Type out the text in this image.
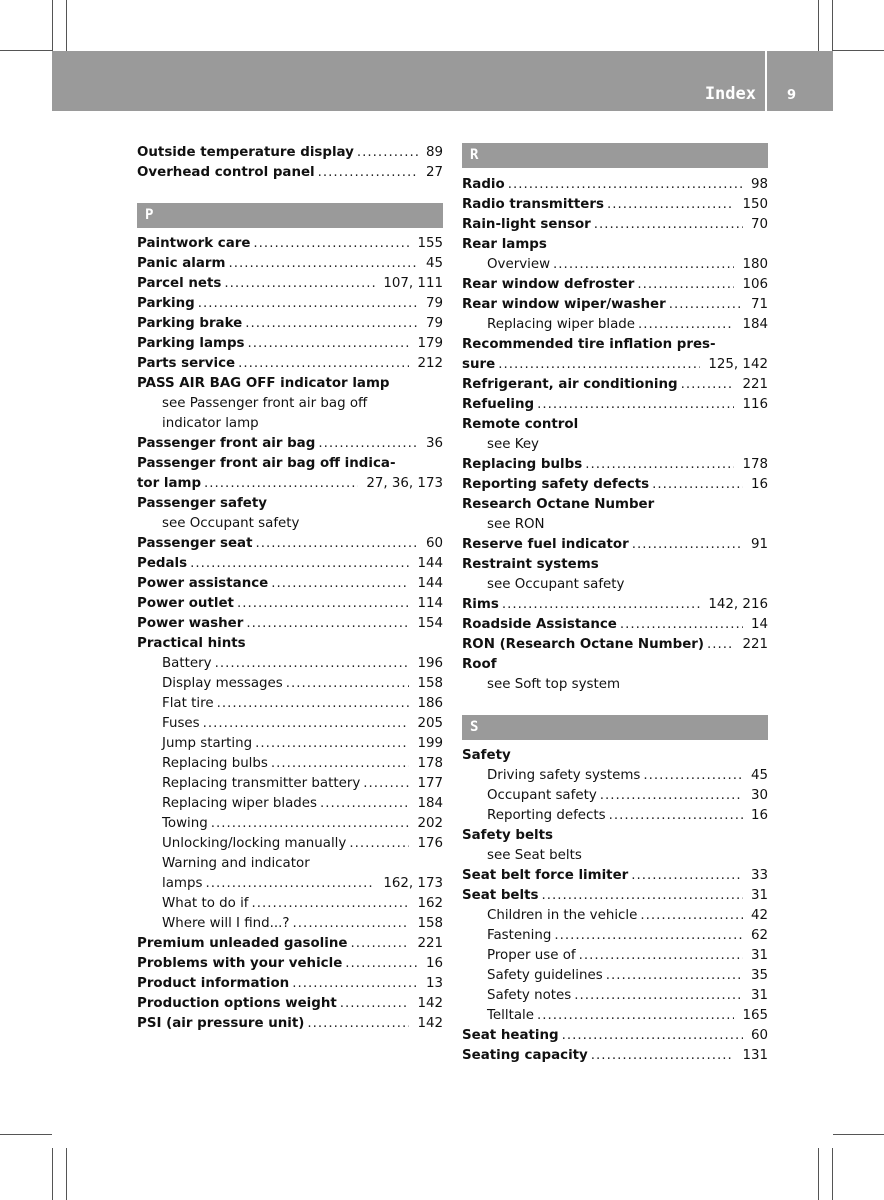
Index 9
Outside temperature display .....	89
Overhead control panel .....	27
P
Paintwork care .....	155
Panic alarm .....	45
Parcel nets .....	107, 111
Parking .....	79
Parking brake .....	79
Parking lamps .....	179
Parts service .....	212
PASS AIR BAG OFF indicator lamp
see Passenger front air bag off
indicator lamp
Passenger front air bag .....	36
Passenger front air bag off indica-
tor lamp .....	27, 36, 173
Passenger safety
see Occupant safety
Passenger seat .....	60
Pedals .....	144
Power assistance .....	144
Power outlet .....	114
Power washer .....	154
Practical hints
Battery .....	196
Display messages .....	158
Flat tire .....	186
Fuses .....	205
Jump starting .....	199
Replacing bulbs .....	178
Replacing transmitter battery .....	177
Replacing wiper blades .....	184
Towing .....	202
Unlocking/locking manually .....	176
Warning and indicator
lamps .....	162, 173
What to do if .....	162
Where will I find...? .....	158
Premium unleaded gasoline .....	221
Problems with your vehicle .....	16
Product information .....	13
Production options weight .....	142
PSI (air pressure unit) .....	142
R
Radio .....	98
Radio transmitters .....	150
Rain-light sensor .....	70
Rear lamps
Overview .....	180
Rear window defroster .....	106
Rear window wiper/washer .....	71
Replacing wiper blade .....	184
Recommended tire inflation pres-
sure .....	125, 142
Refrigerant, air conditioning .....	221
Refueling .....	116
Remote control
see Key
Replacing bulbs .....	178
Reporting safety defects .....	16
Research Octane Number
see RON
Reserve fuel indicator .....	91
Restraint systems
see Occupant safety
Rims .....	142, 216
Roadside Assistance .....	14
RON (Research Octane Number) .....	221
Roof
see Soft top system
S
Safety
Driving safety systems .....	45
Occupant safety .....	30
Reporting defects .....	16
Safety belts
see Seat belts
Seat belt force limiter .....	33
Seat belts .....	31
Children in the vehicle .....	42
Fastening .....	62
Proper use of .....	31
Safety guidelines .....	35
Safety notes .....	31
Telltale .....	165
Seat heating .....	60
Seating capacity .....	131
